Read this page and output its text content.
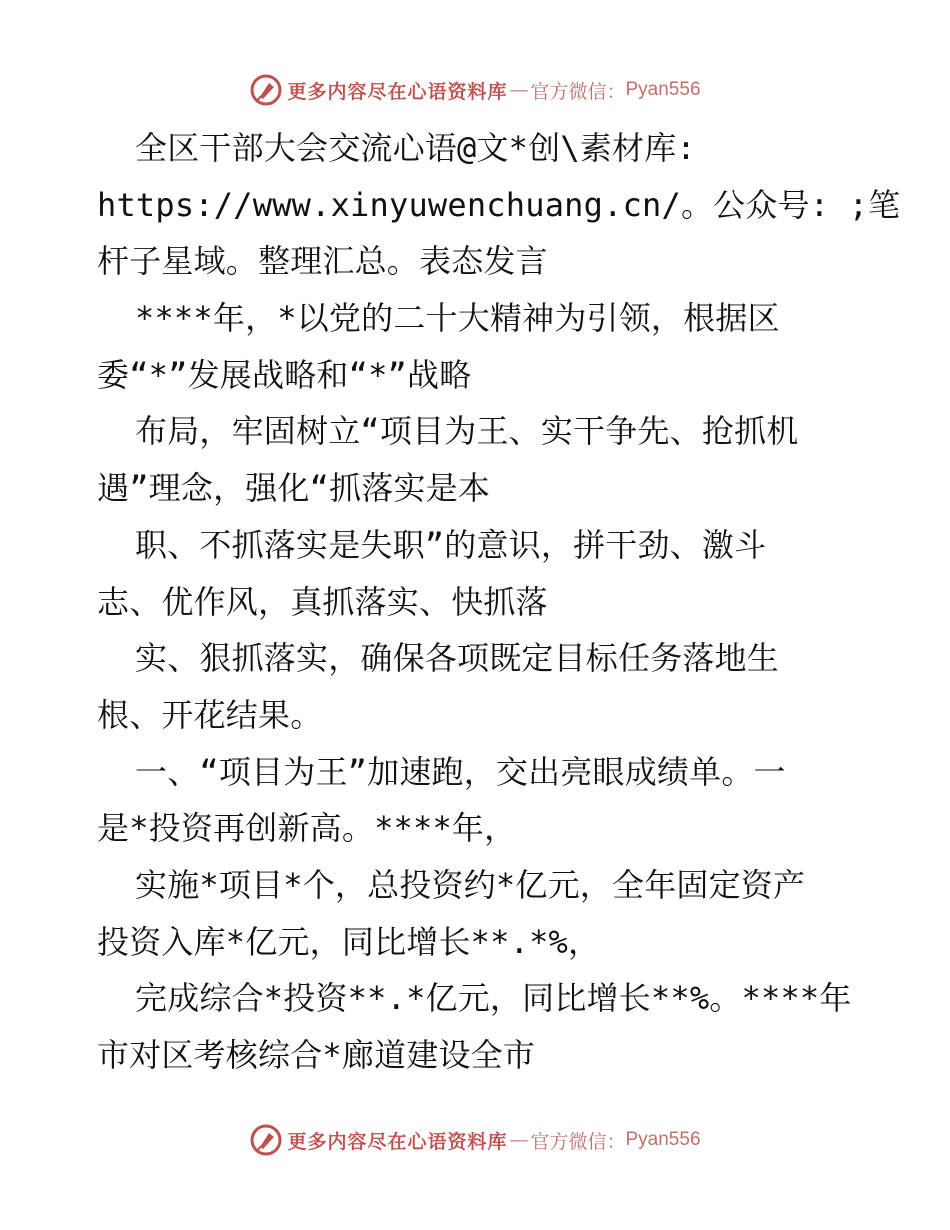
更多内容尽在心语资料库 — 官方微信： Pyan556

全区干部大会交流心语@文*创\素材库:

https://www.xinyuwenchuang.cn/。公众号: ;笔

杆子星域。整理汇总。表态发言

****年，*以党的二十大精神为引领，根据区

委“*”发展战略和“*”战略

布局，牢固树立“项目为王、实干争先、抢抓机

遇”理念，强化“抓落实是本

职、不抓落实是失职”的意识，拼干劲、激斗

志、优作风，真抓落实、快抓落

实、狠抓落实，确保各项既定目标任务落地生

根、开花结果。

一、“项目为王”加速跑，交出亮眼成绩单。一

是*投资再创新高。****年，

实施*项目*个，总投资约*亿元，全年固定资产

投资入库*亿元，同比增长**.*%，

完成综合*投资**.*亿元，同比增长**%。****年

市对区考核综合*廊道建设全市

更多内容尽在心语资料库 — 官方微信： Pyan556
